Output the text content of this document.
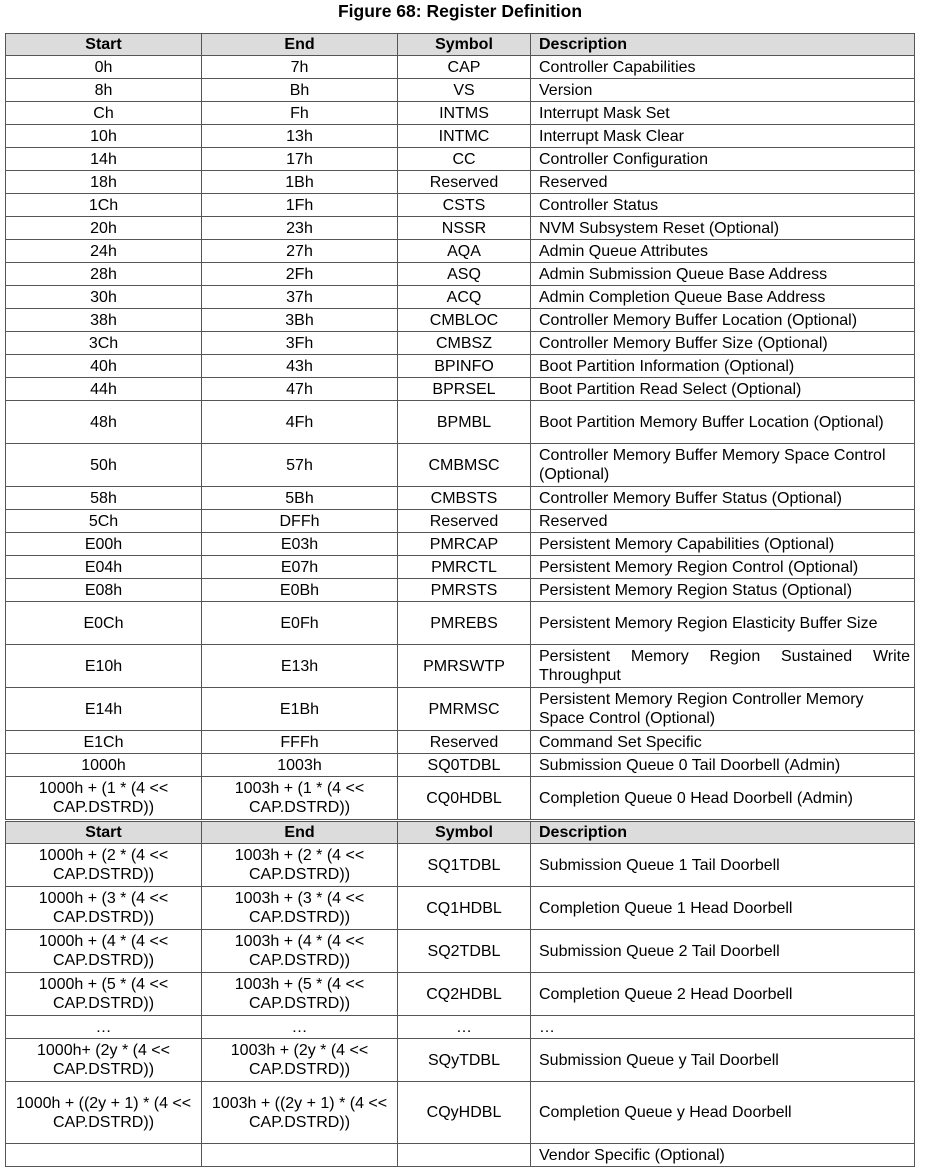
Figure 68: Register Definition
Start	End	Symbol	Description
0h	7h	CAP	Controller Capabilities
8h	Bh	VS	Version
Ch	Fh	INTMS	Interrupt Mask Set
10h	13h	INTMC	Interrupt Mask Clear
14h	17h	CC	Controller Configuration
18h	1Bh	Reserved	Reserved
1Ch	1Fh	CSTS	Controller Status
20h	23h	NSSR	NVM Subsystem Reset (Optional)
24h	27h	AQA	Admin Queue Attributes
28h	2Fh	ASQ	Admin Submission Queue Base Address
30h	37h	ACQ	Admin Completion Queue Base Address
38h	3Bh	CMBLOC	Controller Memory Buffer Location (Optional)
3Ch	3Fh	CMBSZ	Controller Memory Buffer Size (Optional)
40h	43h	BPINFO	Boot Partition Information (Optional)
44h	47h	BPRSEL	Boot Partition Read Select (Optional)
48h	4Fh	BPMBL	Boot Partition Memory Buffer Location (Optional)
50h	57h	CMBMSC	Controller Memory Buffer Memory Space Control (Optional)
58h	5Bh	CMBSTS	Controller Memory Buffer Status (Optional)
5Ch	DFFh	Reserved	Reserved
E00h	E03h	PMRCAP	Persistent Memory Capabilities (Optional)
E04h	E07h	PMRCTL	Persistent Memory Region Control (Optional)
E08h	E0Bh	PMRSTS	Persistent Memory Region Status (Optional)
E0Ch	E0Fh	PMREBS	Persistent Memory Region Elasticity Buffer Size
E10h	E13h	PMRSWTP	Persistent Memory Region Sustained Write Throughput
E14h	E1Bh	PMRMSC	Persistent Memory Region Controller Memory Space Control (Optional)
E1Ch	FFFh	Reserved	Command Set Specific
1000h	1003h	SQ0TDBL	Submission Queue 0 Tail Doorbell (Admin)
1000h + (1 * (4 << CAP.DSTRD))	1003h + (1 * (4 << CAP.DSTRD))	CQ0HDBL	Completion Queue 0 Head Doorbell (Admin)

Start	End	Symbol	Description
1000h + (2 * (4 << CAP.DSTRD))	1003h + (2 * (4 << CAP.DSTRD))	SQ1TDBL	Submission Queue 1 Tail Doorbell
1000h + (3 * (4 << CAP.DSTRD))	1003h + (3 * (4 << CAP.DSTRD))	CQ1HDBL	Completion Queue 1 Head Doorbell
1000h + (4 * (4 << CAP.DSTRD))	1003h + (4 * (4 << CAP.DSTRD))	SQ2TDBL	Submission Queue 2 Tail Doorbell
1000h + (5 * (4 << CAP.DSTRD))	1003h + (5 * (4 << CAP.DSTRD))	CQ2HDBL	Completion Queue 2 Head Doorbell
…	…	…	…
1000h+ (2y * (4 << CAP.DSTRD))	1003h + (2y * (4 << CAP.DSTRD))	SQyTDBL	Submission Queue y Tail Doorbell
1000h + ((2y + 1) * (4 << CAP.DSTRD))	1003h + ((2y + 1) * (4 << CAP.DSTRD))	CQyHDBL	Completion Queue y Head Doorbell
			Vendor Specific (Optional)
